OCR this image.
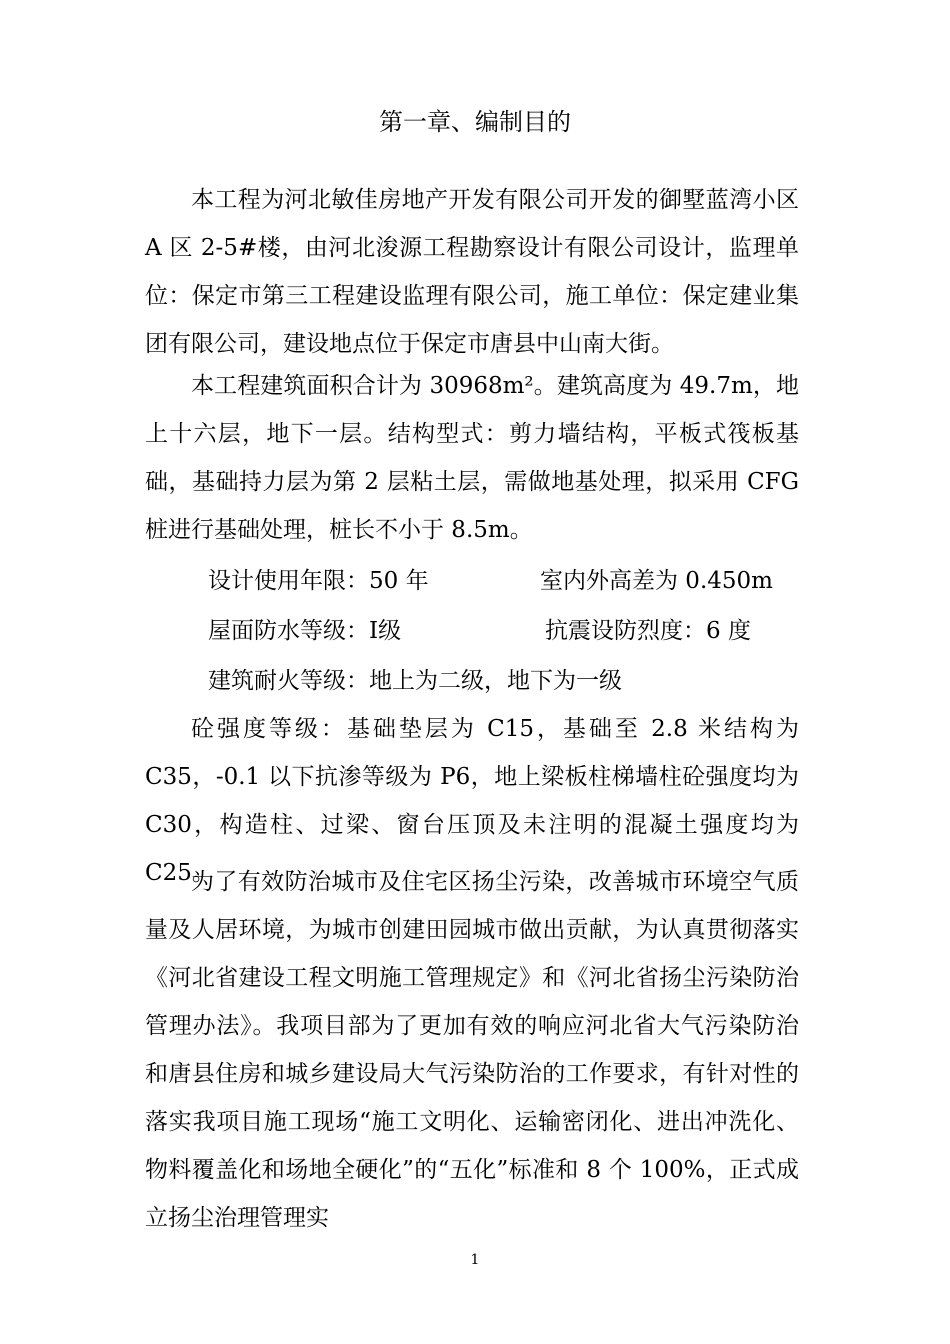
第一章、编制目的

本工程为河北敏佳房地产开发有限公司开发的御墅蓝湾小区 A 区 2-5#楼，由河北浚源工程勘察设计有限公司设计，监理单位：保定市第三工程建设监理有限公司，施工单位：保定建业集团有限公司，建设地点位于保定市唐县中山南大街。

本工程建筑面积合计为 30968m²。建筑高度为 49.7m，地上十六层，地下一层。结构型式：剪力墙结构，平板式筏板基础，基础持力层为第 2 层粘土层，需做地基处理，拟采用 CFG 桩进行基础处理，桩长不小于 8.5m。

设计使用年限：50 年	室内外高差为 0.450m
屋面防水等级：Ⅰ级	抗震设防烈度：6 度
建筑耐火等级：地上为二级，地下为一级

砼强度等级：基础垫层为 C15，基础至 2.8 米结构为 C35，-0.1 以下抗渗等级为 P6，地上梁板柱梯墙柱砼强度均为 C30，构造柱、过梁、窗台压顶及未注明的混凝土强度均为 C25。

为了有效防治城市及住宅区扬尘污染，改善城市环境空气质量及人居环境，为城市创建田园城市做出贡献，为认真贯彻落实《河北省建设工程文明施工管理规定》和《河北省扬尘污染防治管理办法》。我项目部为了更加有效的响应河北省大气污染防治和唐县住房和城乡建设局大气污染防治的工作要求，有针对性的落实我项目施工现场“施工文明化、运输密闭化、进出冲洗化、物料覆盖化和场地全硬化”的“五化”标准和 8 个 100%，正式成立扬尘治理管理实

1
